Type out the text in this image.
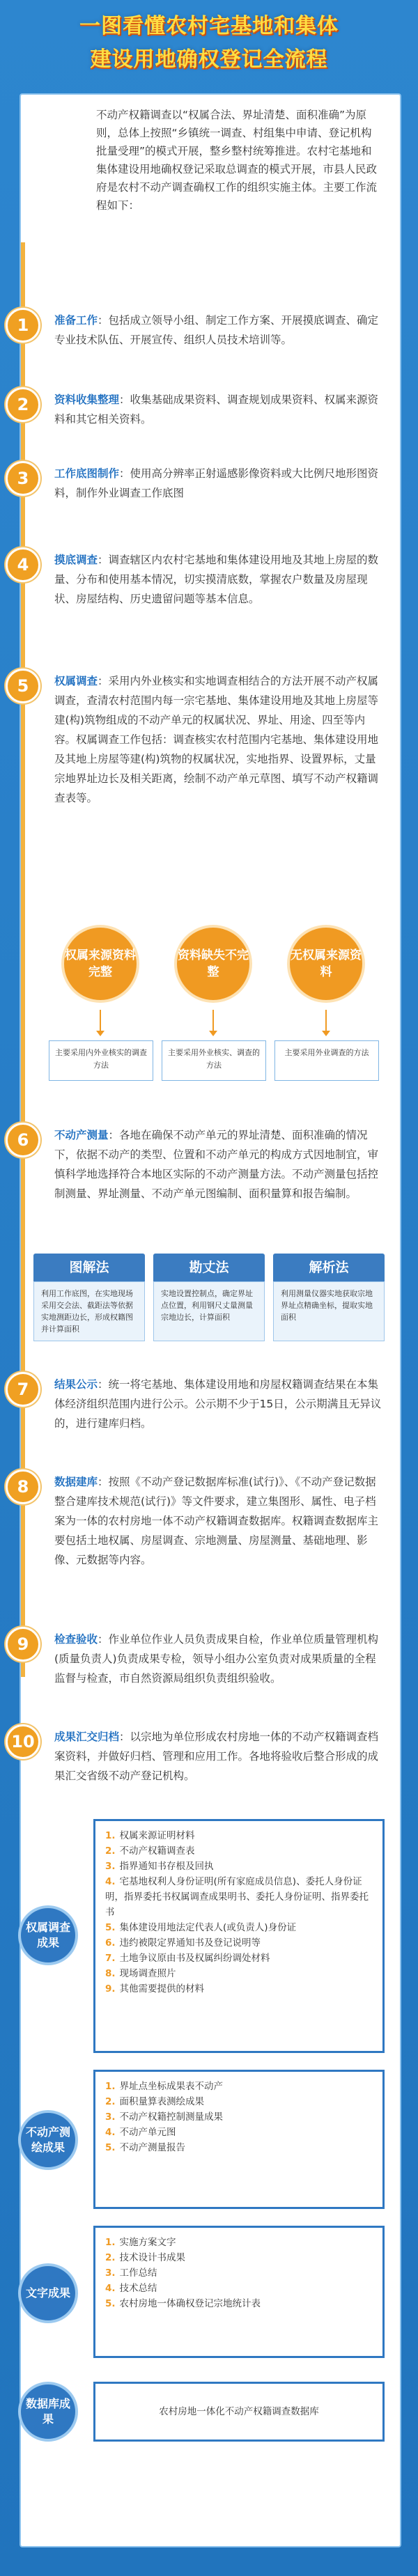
一图看懂农村宅基地和集体
建设用地确权登记全流程
不动产权籍调查以“权属合法、界址清楚、面积准确”为原则，总体上按照“乡镇统一调查、村组集中申请、登记机构批量受理”的模式开展，整乡整村统筹推进。农村宅基地和集体建设用地确权登记采取总调查的模式开展，市县人民政府是农村不动产调查确权工作的组织实施主体。主要工作流程如下：
1	准备工作：包括成立领导小组、制定工作方案、开展摸底调查、确定专业技术队伍、开展宣传、组织人员技术培训等。
2	资料收集整理：收集基础成果资料、调查规划成果资料、权属来源资料和其它相关资料。
3	工作底图制作：使用高分辨率正射遥感影像资料或大比例尺地形图资料，制作外业调查工作底图
4	摸底调查：调查辖区内农村宅基地和集体建设用地及其地上房屋的数量、分布和使用基本情况，切实摸清底数，掌握农户数量及房屋现状、房屋结构、历史遗留问题等基本信息。
5	权属调查：采用内外业核实和实地调查相结合的方法开展不动产权属调查，查清农村范围内每一宗宅基地、集体建设用地及其地上房屋等建(构)筑物组成的不动产单元的权属状况、界址、用途、四至等内容。权属调查工作包括：调查核实农村范围内宅基地、集体建设用地及其地上房屋等建(构)筑物的权属状况，实地指界、设置界标，丈量宗地界址边长及相关距离，绘制不动产单元草图、填写不动产权籍调查表等。
权属来源资料完整
资料缺失不完整
无权属来源资料
主要采用内外业核实的调查方法
主要采用外业核实、调查的方法
主要采用外业调查的方法
6	不动产测量：各地在确保不动产单元的界址清楚、面积准确的情况下，依据不动产的类型、位置和不动产单元的构成方式因地制宜，审慎科学地选择符合本地区实际的不动产测量方法。不动产测量包括控制测量、界址测量、不动产单元图编制、面积量算和报告编制。
图解法
利用工作底图，在实地现场采用交会法、截距法等依据实地测距边长，形成权籍图并计算面积
勘丈法
实地设置控制点，确定界址点位置，利用钢尺丈量测量宗地边长，计算面积
解析法
利用测量仪器实地获取宗地界址点精确坐标，提取实地面积
7	结果公示：统一将宅基地、集体建设用地和房屋权籍调查结果在本集体经济组织范围内进行公示。公示期不少于15日，公示期满且无异议的，进行建库归档。
8	数据建库：按照《不动产登记数据库标准(试行)》、《不动产登记数据整合建库技术规范(试行)》等文件要求，建立集图形、属性、电子档案为一体的农村房地一体不动产权籍调查数据库。权籍调查数据库主要包括土地权属、房屋调查、宗地测量、房屋测量、基础地理、影像、元数据等内容。
9	检查验收：作业单位作业人员负责成果自检，作业单位质量管理机构(质量负责人)负责成果专检，领导小组办公室负责对成果质量的全程监督与检查，市自然资源局组织负责组织验收。
10	成果汇交归档：以宗地为单位形成农村房地一体的不动产权籍调查档案资料，并做好归档、管理和应用工作。各地将验收后整合形成的成果汇交省级不动产登记机构。
权属调查成果
1. 权属来源证明材料
2. 不动产权籍调查表
3. 指界通知书存根及回执
4. 宅基地权利人身份证明(所有家庭成员信息)、委托人身份证明，指界委托书权属调查成果明书、委托人身份证明、指界委托书
5. 集体建设用地法定代表人(或负责人)身份证
6. 违约被限定界通知书及登记说明等
7. 土地争议原由书及权属纠纷调处材料
8. 现场调查照片
9. 其他需要提供的材料
不动产测绘成果
1. 界址点坐标成果表不动产
2. 面积量算表测绘成果
3. 不动产权籍控制测量成果
4. 不动产单元图
5. 不动产测量报告
文字成果
1. 实施方案文字
2. 技术设计书成果
3. 工作总结
4. 技术总结
5. 农村房地一体确权登记宗地统计表
数据库成果
农村房地一体化不动产权籍调查数据库
